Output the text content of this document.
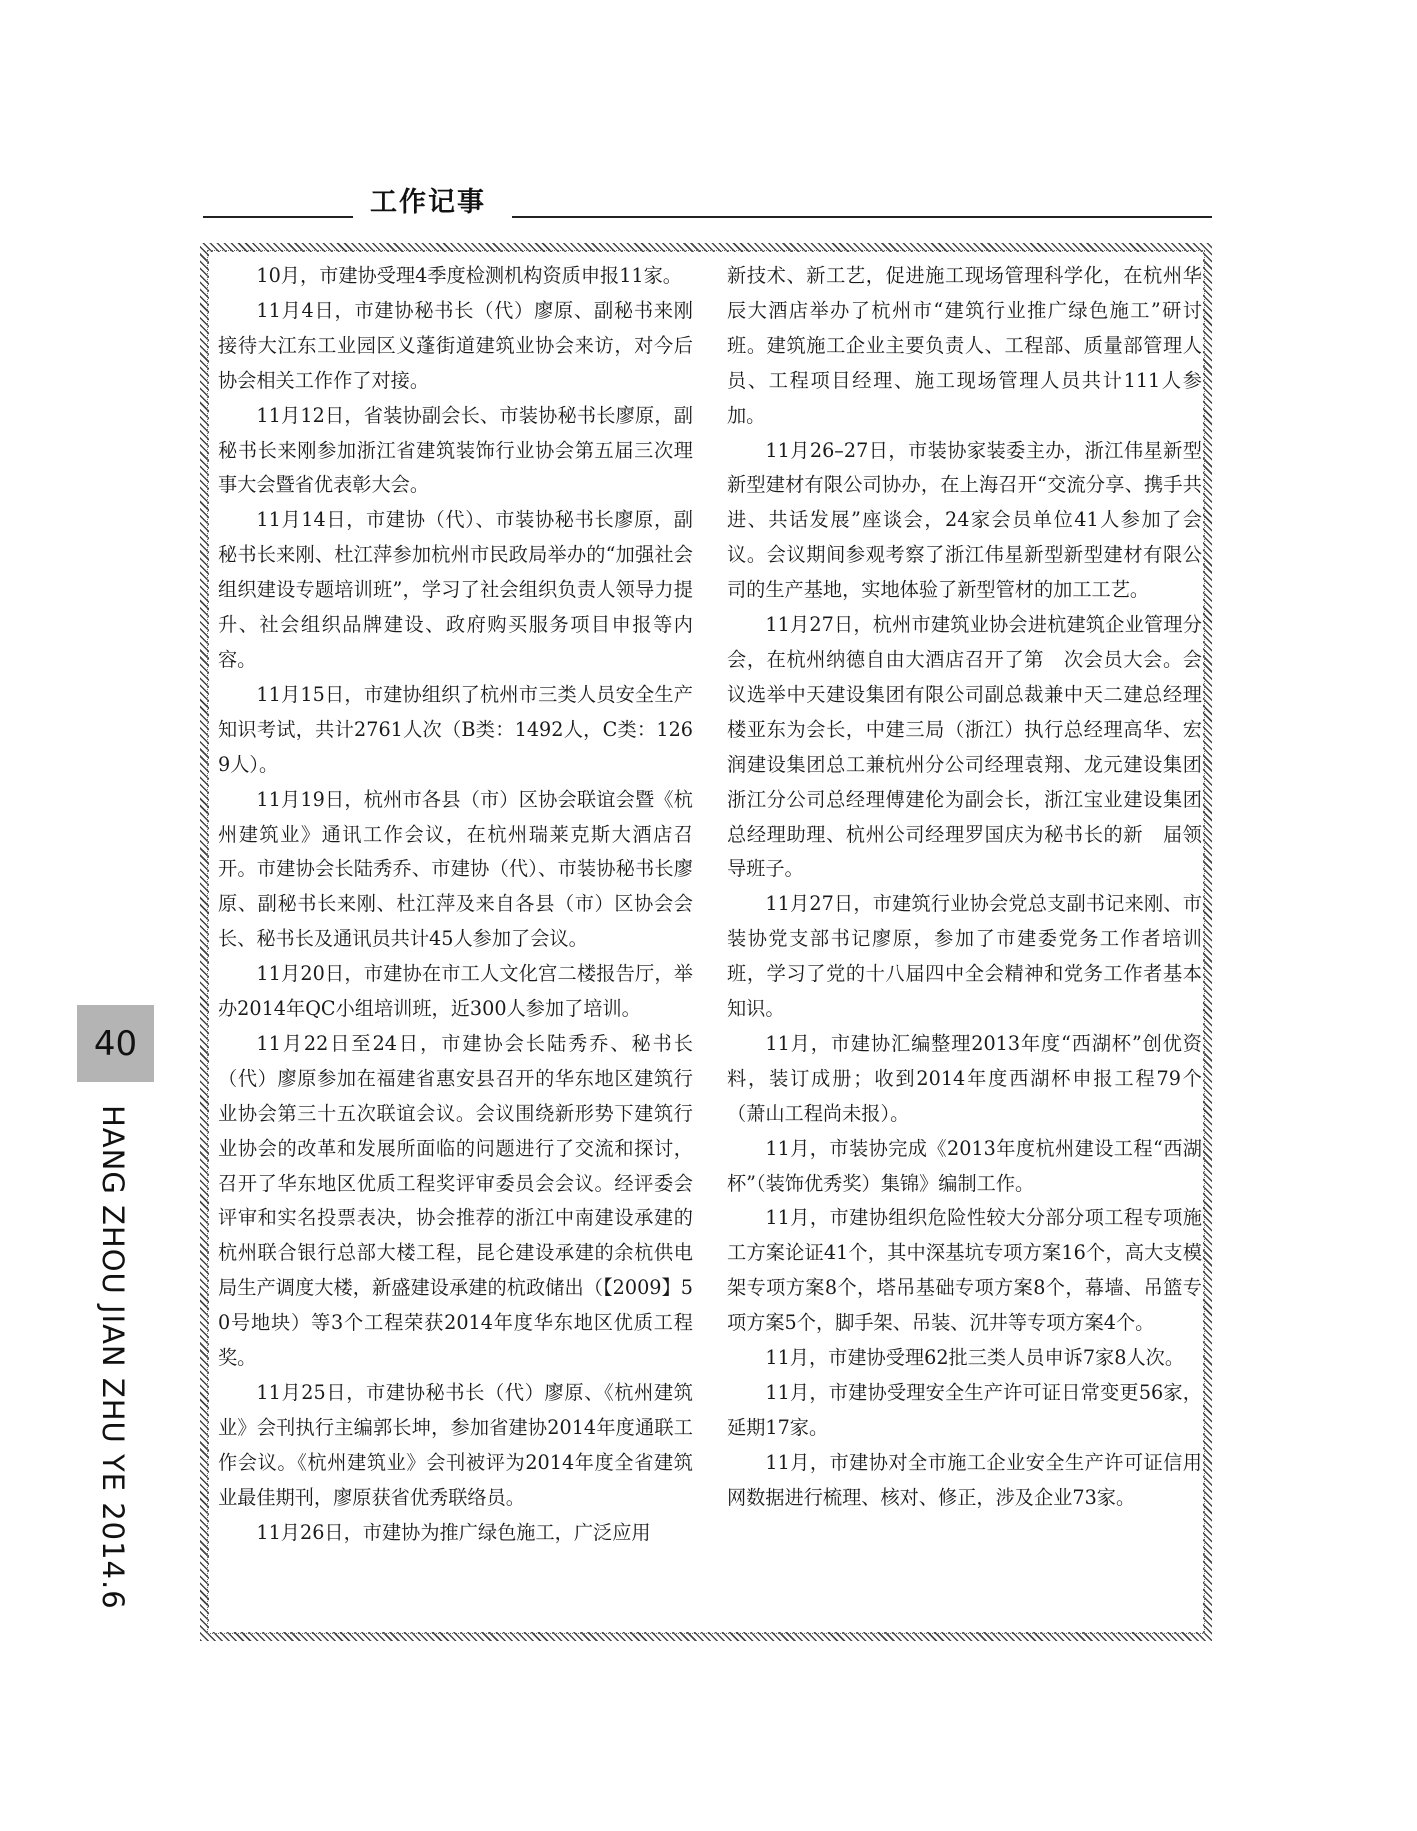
工作记事

10月，市建协受理4季度检测机构资质申报11家。

11月4日，市建协秘书长（代）廖原、副秘书来刚接待大江东工业园区义蓬街道建筑业协会来访，对今后协会相关工作作了对接。

11月12日，省装协副会长、市装协秘书长廖原，副秘书长来刚参加浙江省建筑装饰行业协会第五届三次理事大会暨省优表彰大会。

11月14日，市建协（代）、市装协秘书长廖原，副秘书长来刚、杜江萍参加杭州市民政局举办的“加强社会组织建设专题培训班”，学习了社会组织负责人领导力提升、社会组织品牌建设、政府购买服务项目申报等内容。

11月15日，市建协组织了杭州市三类人员安全生产知识考试，共计2761人次（B类：1492人，C类：1269人）。

11月19日，杭州市各县（市）区协会联谊会暨《杭州建筑业》通讯工作会议，在杭州瑞莱克斯大酒店召开。市建协会长陆秀乔、市建协（代）、市装协秘书长廖原、副秘书长来刚、杜江萍及来自各县（市）区协会会长、秘书长及通讯员共计45人参加了会议。

11月20日，市建协在市工人文化宫二楼报告厅，举办2014年QC小组培训班，近300人参加了培训。

11月22日至24日，市建协会长陆秀乔、秘书长（代）廖原参加在福建省惠安县召开的华东地区建筑行业协会第三十五次联谊会议。会议围绕新形势下建筑行业协会的改革和发展所面临的问题进行了交流和探讨，召开了华东地区优质工程奖评审委员会会议。经评委会评审和实名投票表决，协会推荐的浙江中南建设承建的杭州联合银行总部大楼工程，昆仑建设承建的余杭供电局生产调度大楼，新盛建设承建的杭政储出（【2009】50号地块）等3个工程荣获2014年度华东地区优质工程奖。

11月25日，市建协秘书长（代）廖原、《杭州建筑业》会刊执行主编郭长坤，参加省建协2014年度通联工作会议。《杭州建筑业》会刊被评为2014年度全省建筑业最佳期刊，廖原获省优秀联络员。

11月26日，市建协为推广绿色施工，广泛应用

新技术、新工艺，促进施工现场管理科学化，在杭州华辰大酒店举办了杭州市“建筑行业推广绿色施工”研讨班。建筑施工企业主要负责人、工程部、质量部管理人员、工程项目经理、施工现场管理人员共计111人参加。

11月26–27日，市装协家装委主办，浙江伟星新型新型建材有限公司协办，在上海召开“交流分享、携手共进、共话发展”座谈会，24家会员单位41人参加了会议。会议期间参观考察了浙江伟星新型新型建材有限公司的生产基地，实地体验了新型管材的加工工艺。

11月27日，杭州市建筑业协会进杭建筑企业管理分会，在杭州纳德自由大酒店召开了第　次会员大会。会议选举中天建设集团有限公司副总裁兼中天二建总经理楼亚东为会长，中建三局（浙江）执行总经理高华、宏润建设集团总工兼杭州分公司经理袁翔、龙元建设集团浙江分公司总经理傅建伦为副会长，浙江宝业建设集团总经理助理、杭州公司经理罗国庆为秘书长的新　届领导班子。

11月27日，市建筑行业协会党总支副书记来刚、市装协党支部书记廖原，参加了市建委党务工作者培训班，学习了党的十八届四中全会精神和党务工作者基本知识。

11月，市建协汇编整理2013年度“西湖杯”创优资料，装订成册；收到2014年度西湖杯申报工程79个（萧山工程尚未报）。

11月，市装协完成《2013年度杭州建设工程“西湖杯”（装饰优秀奖）集锦》编制工作。

11月，市建协组织危险性较大分部分项工程专项施工方案论证41个，其中深基坑专项方案16个，高大支模架专项方案8个，塔吊基础专项方案8个，幕墙、吊篮专项方案5个，脚手架、吊装、沉井等专项方案4个。

11月，市建协受理62批三类人员申诉7家8人次。

11月，市建协受理安全生产许可证日常变更56家，延期17家。

11月，市建协对全市施工企业安全生产许可证信用网数据进行梳理、核对、修正，涉及企业73家。

40
HANG ZHOU JIAN ZHU YE 2014.6
